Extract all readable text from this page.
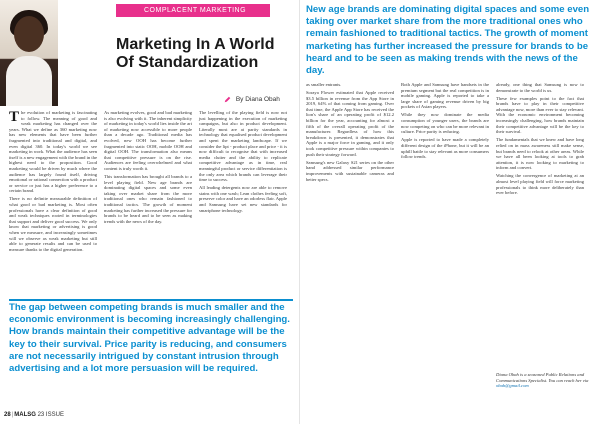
COMPLACENT MARKETING
Marketing In A World Of Standardization
By Diana Obah

The evolution of marketing is fascinating to follow. The meaning of good and weak marketing has changed over the years. What we define as 360 marketing now has new elements that have been further fragmented into traditional and digital, and even digital 360. In today's world we see marketing in work. What the audience has seen itself is a new engagement with the brand in the highest need to the proposition. Good marketing would be driven by much where the audience has largely found itself, driving emotional or rational connection with a product or service or just has a higher preference to a certain brand.

There is no definite measurable definition of what good or bad marketing is. Most often professionals have a clear definition of good and weak techniques rooted in terminologies that support and deliver good success. We only know that marketing or advertising is good when we measure, and increasingly sometimes will we observe as weak marketing but still able to generate results and can be used to measure thanks to the digital generation.

As marketing evolves, good and bad marketing is also evolving with it. The inherent simplicity of marketing in today's world lies inside the art of marketing now accessible to more people than a decade ago. Traditional media has evolved, new OOH has become further fragmented into static OOH, mobile OOH and digital OOH. The transformation also means that competitive pressure is on the rise. Audiences are feeling overwhelmed and what content is truly worth it.

This transformation has brought all brands to a level playing field. New age brands are dominating digital spaces and some even taking over market share from the more traditional ones who remain fashioned to traditional tactics. The growth of moment marketing has further increased the pressure for brands to be heard and to be seen as making trends with the news of the day.

The levelling of the playing field is now not just happening in the execution of marketing campaigns, but also in product development. Literally most are at parity standards in technology that equalised product development and spent the marketing landscape. If we consider the lipt - product place and price - it is now difficult to recognise that with increased media clutter and the ability to replicate competitive advantage as in time, real meaningful product or service differentiation is the only area which brands can leverage their time to success.

All leading detergents now are able to remove stains with one wash; Lean clothes feeling soft, preserve color and have an odorless flair. Apple and Samsung have set new standards for smartphone technology.

The gap between competing brands is much smaller and the economic environment is becoming increasingly challenging. How brands maintain their competitive advantage will be the key to their survival. Price parity is reducing, and consumers are not necessarily intrigued by constant intrusion through advertising and a lot more persuasion will be required.
28|MALSG 23 ISSUE
New age brands are dominating digital spaces and some even taking over market share from the more traditional ones who remain fashioned to traditional tactics. The growth of moment marketing has further increased the pressure for brands to be heard and to be seen as making trends with the news of the day.

as smaller entrants.

Soraya Flower estimated that Apple received $3.5 billion in revenue from the App Store in 2019, 64% of that coming from gaming. Over that time, the Apple App Store has received the lion's share of an operating profit of $12.2 billion for the year, accounting for almost a fifth of the overall operating profit of the manufacturer. Regardless of how this breakdown is presented, it demonstrates that Apple is a major force in gaming, and it only took competitive pressure within companies to push their strategy forward.

Samsung's new Galaxy S21 series on the other hand addressed similar performance improvements with sustainable cameras and better specs.

Both Apple and Samsung have handsets in the premium segment but the real competition is in mobile gaming. Apple is reported to take a large share of gaming revenue driven by big pockets of Asian players.

While they now dominate the media consumption of younger users, the brands are now competing on who can be more relevant in culture. Price parity is reducing.

Apple is reported to have made a completely different design of the iPhone, but it will be an uphill battle to stay relevant as more consumers follow trends.

already, one thing that Samsung is now to demonstrate to the world is us.

These few examples point to the fact that brands have to play in their competitive advantage now, more than ever to stay relevant. With the economic environment becoming increasingly challenging, how brands maintain their competitive advantage will be the key to their survival.

The fundamentals that we knew and have long relied on in mass awareness still make sense, but brands need to relook at other areas. While we have all been looking at tools to grab attention, it is now looking to marketing to inform and convert.

Watching the convergence of marketing at an almost level playing field will force marketing professionals to think more deliberately than ever before.

Diana Obah is a seasoned Public Relations and Communications Specialist. You can reach her via obah@gmail.com
